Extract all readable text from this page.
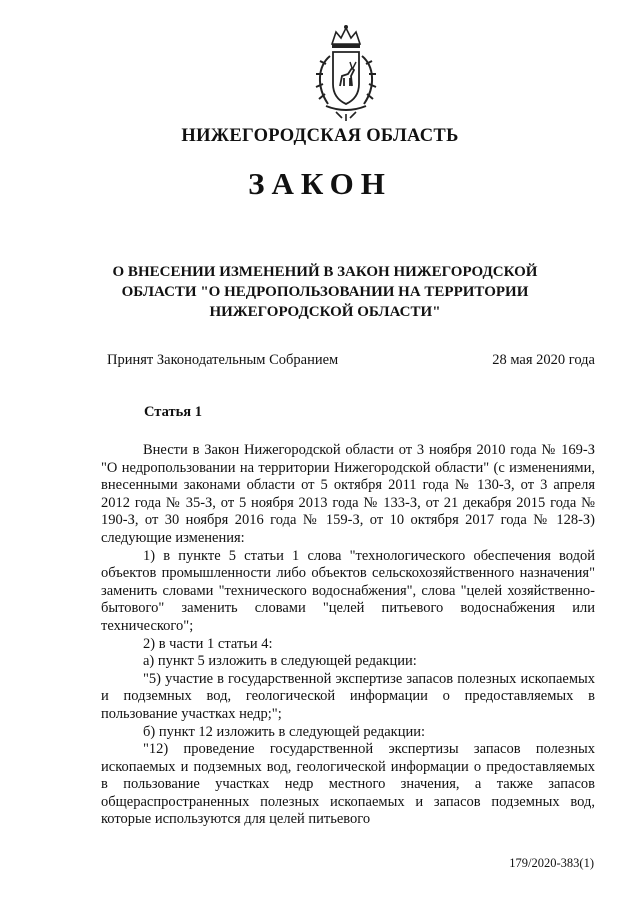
НИЖЕГОРОДСКАЯ ОБЛАСТЬ
ЗАКОН
О ВНЕСЕНИИ ИЗМЕНЕНИЙ В ЗАКОН НИЖЕГОРОДСКОЙ
ОБЛАСТИ "О НЕДРОПОЛЬЗОВАНИИ НА ТЕРРИТОРИИ
НИЖЕГОРОДСКОЙ ОБЛАСТИ"
Принят Законодательным Собранием	28 мая 2020 года
Статья 1

Внести в Закон Нижегородской области от 3 ноября 2010 года № 169-З "О недропользовании на территории Нижегородской области" (с изменениями, внесенными законами области от 5 октября 2011 года № 130-З, от 3 апреля 2012 года № 35-З, от 5 ноября 2013 года № 133-З, от 21 декабря 2015 года № 190-З, от 30 ноября 2016 года № 159-З, от 10 октября 2017 года № 128-З) следующие изменения:

1) в пункте 5 статьи 1 слова "технологического обеспечения водой объектов промышленности либо объектов сельскохозяйственного назначения" заменить словами "технического водоснабжения", слова "целей хозяйственно-бытового" заменить словами "целей питьевого водоснабжения или технического";

2) в части 1 статьи 4:

а) пункт 5 изложить в следующей редакции:

"5) участие в государственной экспертизе запасов полезных ископаемых и подземных вод, геологической информации о предоставляемых в пользование участках недр;";

б) пункт 12 изложить в следующей редакции:

"12) проведение государственной экспертизы запасов полезных ископаемых и подземных вод, геологической информации о предоставляемых в пользование участках недр местного значения, а также запасов общераспространенных полезных ископаемых и запасов подземных вод, которые используются для целей питьевого

179/2020-383(1)
